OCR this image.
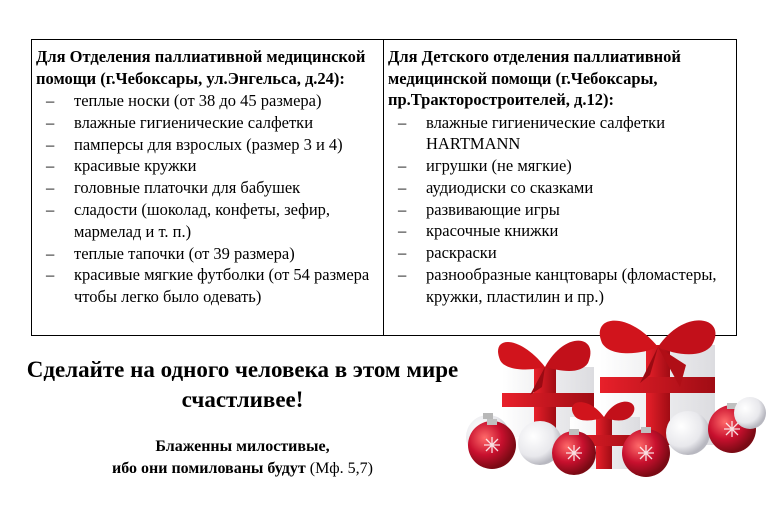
Для Отделения паллиативной медицинской помощи (г.Чебоксары, ул.Энгельса, д.24):

– теплые носки (от 38 до 45 размера)
– влажные гигиенические салфетки
– памперсы для взрослых (размер 3 и 4)
– красивые кружки
– головные платочки для бабушек
– сладости (шоколад, конфеты, зефир, мармелад и т. п.)
– теплые тапочки (от 39 размера)
– красивые мягкие футболки (от 54 размера чтобы легко было одевать)

Для Детского отделения паллиативной медицинской помощи (г.Чебоксары, пр.Тракторостроителей, д.12):

– влажные гигиенические салфетки HARTMANN
– игрушки (не мягкие)
– аудиодиски со сказками
– развивающие игры
– красочные книжки
– раскраски
– разнообразные канцтовары (фломастеры, кружки, пластилин и пр.)
Сделайте на одного человека в этом мире счастливее!
Блаженны милостивые,
ибо они помилованы будут (Мф. 5,7)
